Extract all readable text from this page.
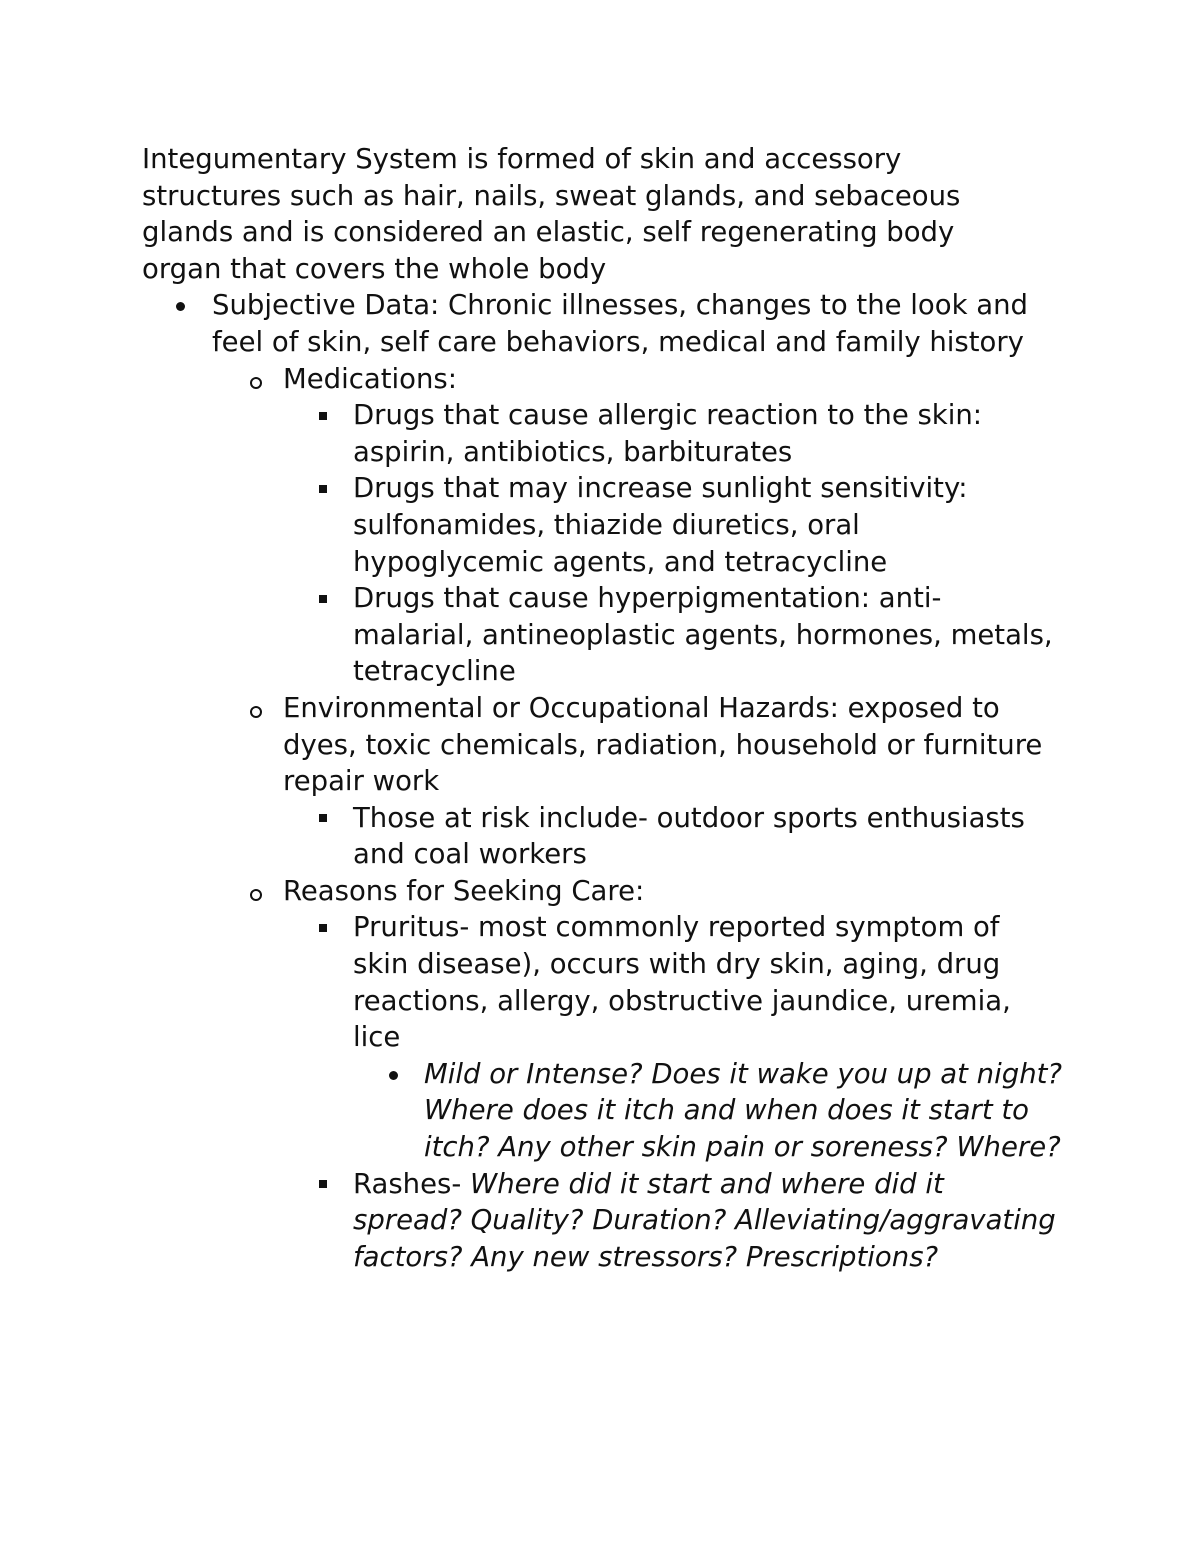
Integumentary System is formed of skin and accessory structures such as hair, nails, sweat glands, and sebaceous glands and is considered an elastic, self regenerating body organ that covers the whole body

Subjective Data: Chronic illnesses, changes to the look and feel of skin, self care behaviors, medical and family history
Medications:
Drugs that cause allergic reaction to the skin: aspirin, antibiotics, barbiturates
Drugs that may increase sunlight sensitivity: sulfonamides, thiazide diuretics, oral hypoglycemic agents, and tetracycline
Drugs that cause hyperpigmentation: anti-malarial, antineoplastic agents, hormones, metals, tetracycline
Environmental or Occupational Hazards: exposed to dyes, toxic chemicals, radiation, household or furniture repair work
Those at risk include- outdoor sports enthusiasts and coal workers
Reasons for Seeking Care:
Pruritus- most commonly reported symptom of skin disease), occurs with dry skin, aging, drug reactions, allergy, obstructive jaundice, uremia, lice
Mild or Intense? Does it wake you up at night? Where does it itch and when does it start to itch? Any other skin pain or soreness? Where?
Rashes- Where did it start and where did it spread? Quality? Duration? Alleviating/aggravating factors? Any new stressors? Prescriptions?
